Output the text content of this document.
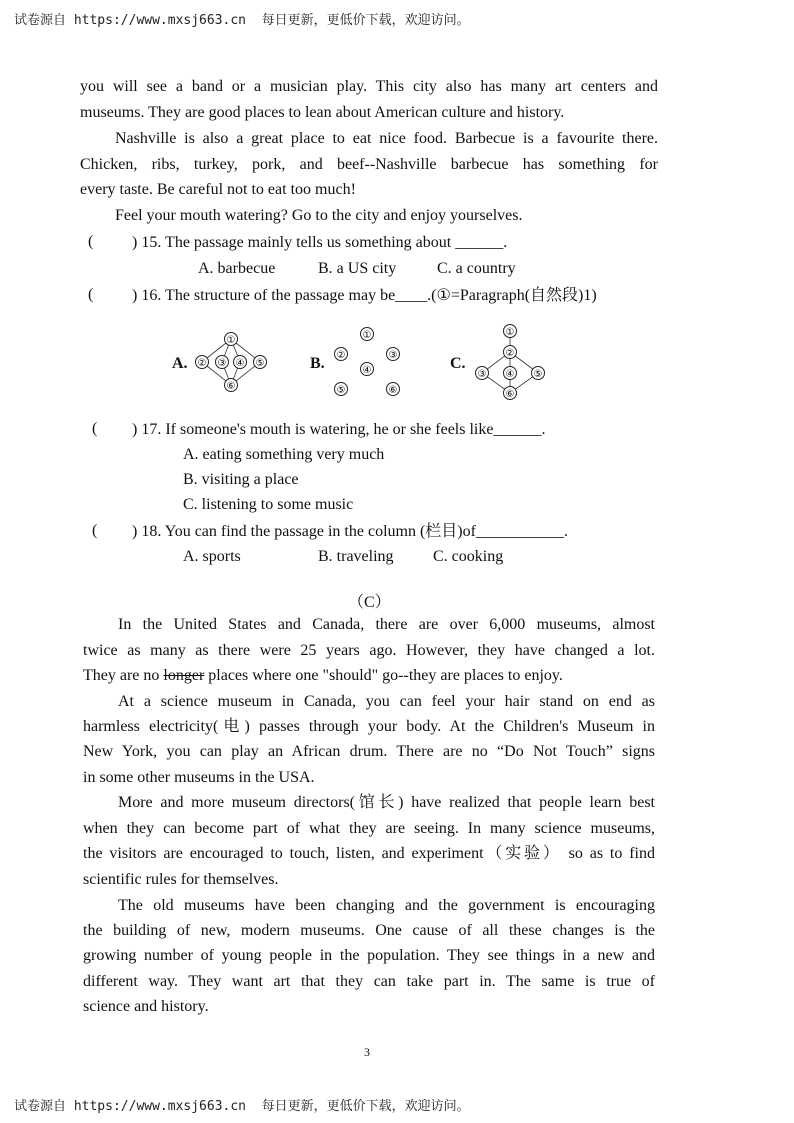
试卷源自 https://www.mxsj663.cn 每日更新，更低价下载，欢迎访问。
you will see a band or a musician play. This city also has many art centers and
museums. They are good places to lean about American culture and history.
Nashville is also a great place to eat nice food. Barbecue is a favourite there.
Chicken, ribs, turkey, pork, and beef--Nashville barbecue has something for
every taste. Be careful not to eat too much!
Feel your mouth watering? Go to the city and enjoy yourselves.
( ) 15. The passage mainly tells us something about ______.
A. barbecue	B. a US city	C. a country
( ) 16. The structure of the passage may be____.(①=Paragraph(自然段)1)
A.
①
② ③ ④ ⑤
⑥
B.
①
②	③
④
⑤	⑥
C.
①
②
③ ④ ⑤
⑥
( ) 17. If someone's mouth is watering, he or she feels like______.
A. eating something very much
B. visiting a place
C. listening to some music
( ) 18. You can find the passage in the column (栏目)of___________.
A. sports	B. traveling C. cooking
（C）
In the United States and Canada, there are over 6,000 museums, almost
twice as many as there were 25 years ago. However, they have changed a lot.
They are no longer places where one "should" go--they are places to enjoy.
At a science museum in Canada, you can feel your hair stand on end as
harmless electricity(电) passes through your body. At the Children's Museum in
New York, you can play an African drum. There are no “Do Not Touch” signs
in some other museums in the USA.
More and more museum directors(馆长) have realized that people learn best
when they can become part of what they are seeing. In many science museums,
the visitors are encouraged to touch, listen, and experiment（实验） so as to find
scientific rules for themselves.
The old museums have been changing and the government is encouraging
the building of new, modern museums. One cause of all these changes is the
growing number of young people in the population. They see things in a new and
different way. They want art that they can take part in. The same is true of
science and history.
3
试卷源自 https://www.mxsj663.cn 每日更新，更低价下载，欢迎访问。
